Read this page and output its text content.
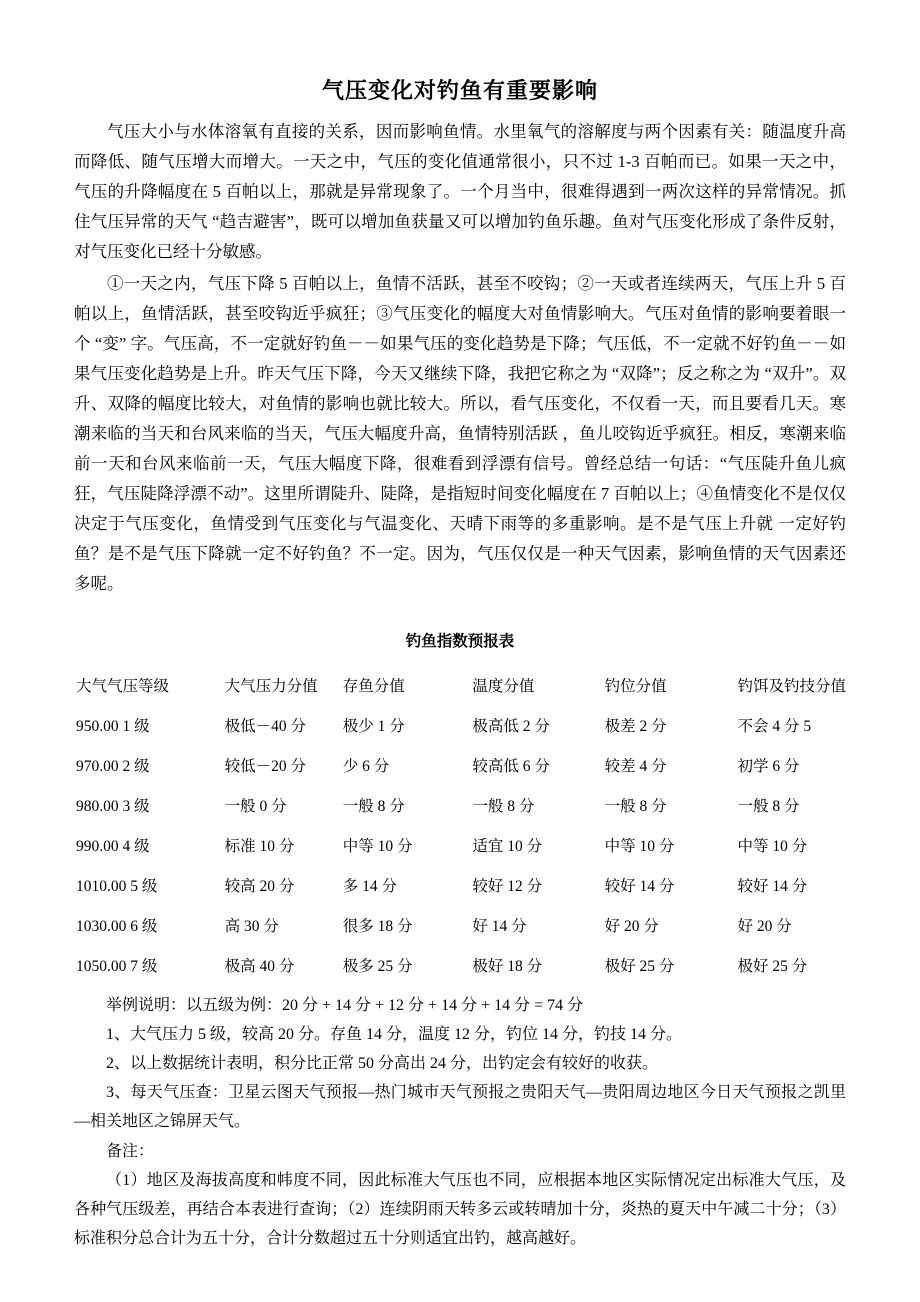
气压变化对钓鱼有重要影响

气压大小与水体溶氧有直接的关系，因而影响鱼情。水里氧气的溶解度与两个因素有关：随温度升高而降低、随气压增大而增大。一天之中，气压的变化值通常很小，只不过 1-3 百帕而已。如果一天之中，气压的升降幅度在 5 百帕以上，那就是异常现象了。一个月当中，很难得遇到一两次这样的异常情况。抓住气压异常的天气 “趋吉避害”，既可以增加鱼获量又可以增加钓鱼乐趣。鱼对气压变化形成了条件反射，对气压变化已经十分敏感。

①一天之内，气压下降 5 百帕以上，鱼情不活跃，甚至不咬钩；②一天或者连续两天，气压上升 5 百帕以上，鱼情活跃，甚至咬钩近乎疯狂；③气压变化的幅度大对鱼情影响大。气压对鱼情的影响要着眼一个 “变” 字。气压高，不一定就好钓鱼－－如果气压的变化趋势是下降；气压低，不一定就不好钓鱼－－如果气压变化趋势是上升。昨天气压下降，今天又继续下降，我把它称之为 “双降”；反之称之为 “双升”。双升、双降的幅度比较大，对鱼情的影响也就比较大。所以，看气压变化，不仅看一天，而且要看几天。寒潮来临的当天和台风来临的当天，气压大幅度升高，鱼情特别活跃 ，鱼儿咬钩近乎疯狂。相反，寒潮来临前一天和台风来临前一天，气压大幅度下降，很难看到浮漂有信号。曾经总结一句话：“气压陡升鱼儿疯狂，气压陡降浮漂不动”。这里所谓陡升、陡降，是指短时间变化幅度在 7 百帕以上；④鱼情变化不是仅仅决定于气压变化，鱼情受到气压变化与气温变化、天晴下雨等的多重影响。是不是气压上升就 一定好钓鱼？是不是气压下降就一定不好钓鱼？不一定。因为，气压仅仅是一种天气因素，影响鱼情的天气因素还多呢。

钓鱼指数预报表
大气气压等级	大气压力分值	存鱼分值	温度分值	钓位分值	钓饵及钓技分值
950.00 1 级	极低－40 分	极少 1 分	极高低 2 分	极差 2 分	不会 4 分 5
970.00 2 级	较低－20 分	少 6 分	较高低 6 分	较差 4 分	初学 6 分
980.00 3 级	一般 0 分	一般 8 分	一般 8 分	一般 8 分	一般 8 分
990.00 4 级	标准 10 分	中等 10 分	适宜 10 分	中等 10 分	中等 10 分
1010.00 5 级	较高 20 分	多 14 分	较好 12 分	较好 14 分	较好 14 分
1030.00 6 级	高 30 分	很多 18 分	好 14 分	好 20 分	好 20 分
1050.00 7 级	极高 40 分	极多 25 分	极好 18 分	极好 25 分	极好 25 分

举例说明：以五级为例：20 分 + 14 分 + 12 分 + 14 分 + 14 分 = 74 分

1、大气压力 5 级，较高 20 分。存鱼 14 分，温度 12 分，钓位 14 分，钓技 14 分。

2、以上数据统计表明，积分比正常 50 分高出 24 分，出钓定会有较好的收获。

3、每天气压查：卫星云图天气预报—热门城市天气预报之贵阳天气—贵阳周边地区今日天气预报之凯里—相关地区之锦屏天气。

备注：

（1）地区及海拔高度和帏度不同，因此标准大气压也不同，应根据本地区实际情况定出标准大气压，及各种气压级差，再结合本表进行查询；（2）连续阴雨天转多云或转晴加十分，炎热的夏天中午减二十分；（3）标准积分总合计为五十分，合计分数超过五十分则适宜出钓，越高越好。
